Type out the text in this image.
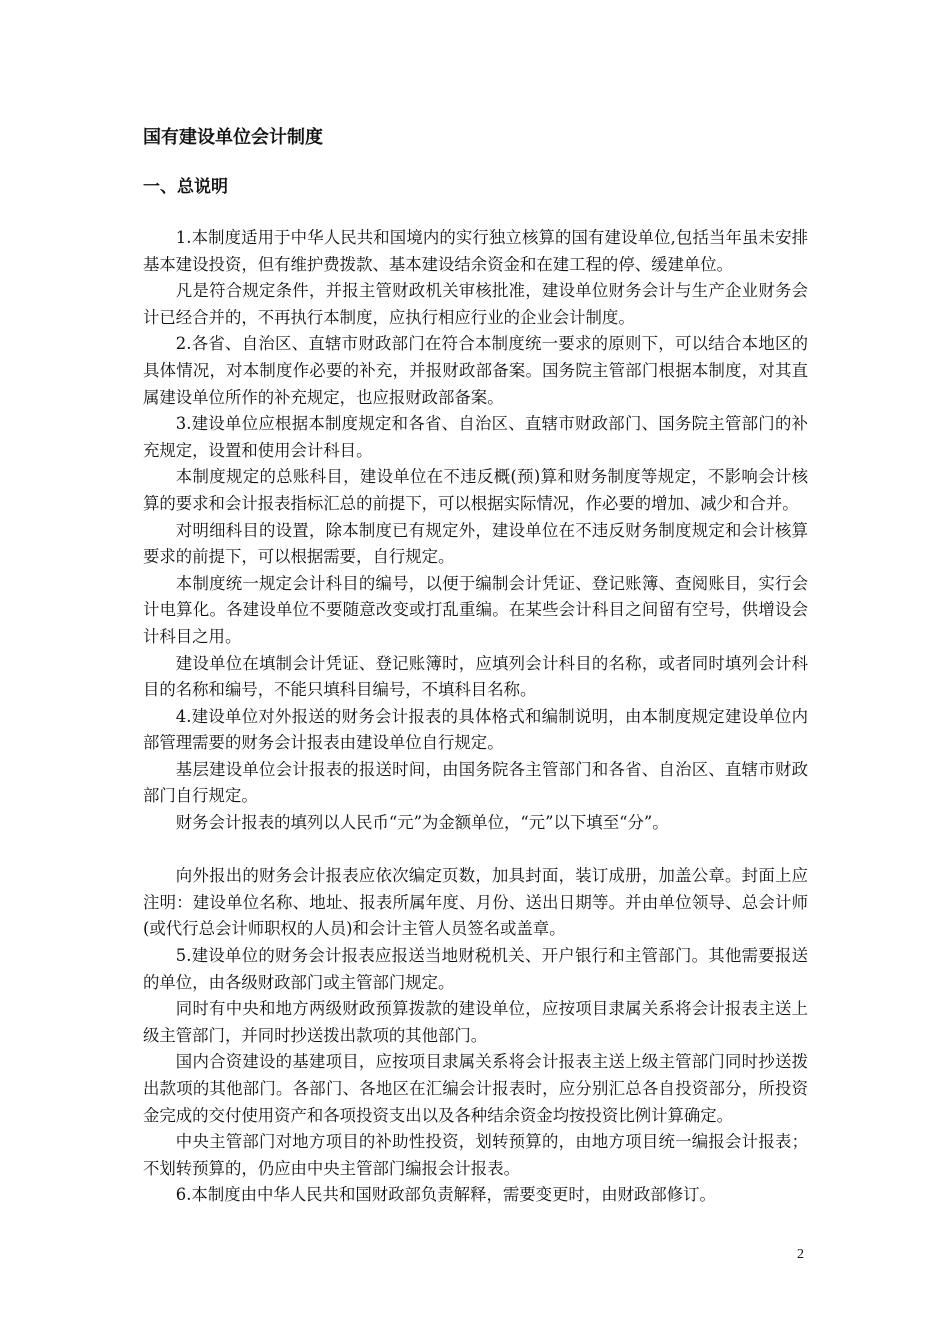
国有建设单位会计制度
一、总说明

1.本制度适用于中华人民共和国境内的实行独立核算的国有建设单位,包括当年虽未安排基本建设投资，但有维护费拨款、基本建设结余资金和在建工程的停、缓建单位。

凡是符合规定条件，并报主管财政机关审核批准，建设单位财务会计与生产企业财务会计已经合并的，不再执行本制度，应执行相应行业的企业会计制度。

2.各省、自治区、直辖市财政部门在符合本制度统一要求的原则下，可以结合本地区的具体情况，对本制度作必要的补充，并报财政部备案。国务院主管部门根据本制度，对其直属建设单位所作的补充规定，也应报财政部备案。

3.建设单位应根据本制度规定和各省、自治区、直辖市财政部门、国务院主管部门的补充规定，设置和使用会计科目。

本制度规定的总账科目，建设单位在不违反概(预)算和财务制度等规定，不影响会计核算的要求和会计报表指标汇总的前提下，可以根据实际情况，作必要的增加、减少和合并。

对明细科目的设置，除本制度已有规定外，建设单位在不违反财务制度规定和会计核算要求的前提下，可以根据需要，自行规定。

本制度统一规定会计科目的编号，以便于编制会计凭证、登记账簿、查阅账目，实行会计电算化。各建设单位不要随意改变或打乱重编。在某些会计科目之间留有空号，供增设会计科目之用。

建设单位在填制会计凭证、登记账簿时，应填列会计科目的名称，或者同时填列会计科目的名称和编号，不能只填科目编号，不填科目名称。

4.建设单位对外报送的财务会计报表的具体格式和编制说明，由本制度规定建设单位内部管理需要的财务会计报表由建设单位自行规定。

基层建设单位会计报表的报送时间，由国务院各主管部门和各省、自治区、直辖市财政部门自行规定。

财务会计报表的填列以人民币“元”为金额单位，“元”以下填至“分”。

向外报出的财务会计报表应依次编定页数，加具封面，装订成册，加盖公章。封面上应注明：建设单位名称、地址、报表所属年度、月份、送出日期等。并由单位领导、总会计师(或代行总会计师职权的人员)和会计主管人员签名或盖章。

5.建设单位的财务会计报表应报送当地财税机关、开户银行和主管部门。其他需要报送的单位，由各级财政部门或主管部门规定。

同时有中央和地方两级财政预算拨款的建设单位，应按项目隶属关系将会计报表主送上级主管部门，并同时抄送拨出款项的其他部门。

国内合资建设的基建项目，应按项目隶属关系将会计报表主送上级主管部门同时抄送拨出款项的其他部门。各部门、各地区在汇编会计报表时，应分别汇总各自投资部分，所投资金完成的交付使用资产和各项投资支出以及各种结余资金均按投资比例计算确定。

中央主管部门对地方项目的补助性投资，划转预算的，由地方项目统一编报会计报表；不划转预算的，仍应由中央主管部门编报会计报表。

6.本制度由中华人民共和国财政部负责解释，需要变更时，由财政部修订。

2
